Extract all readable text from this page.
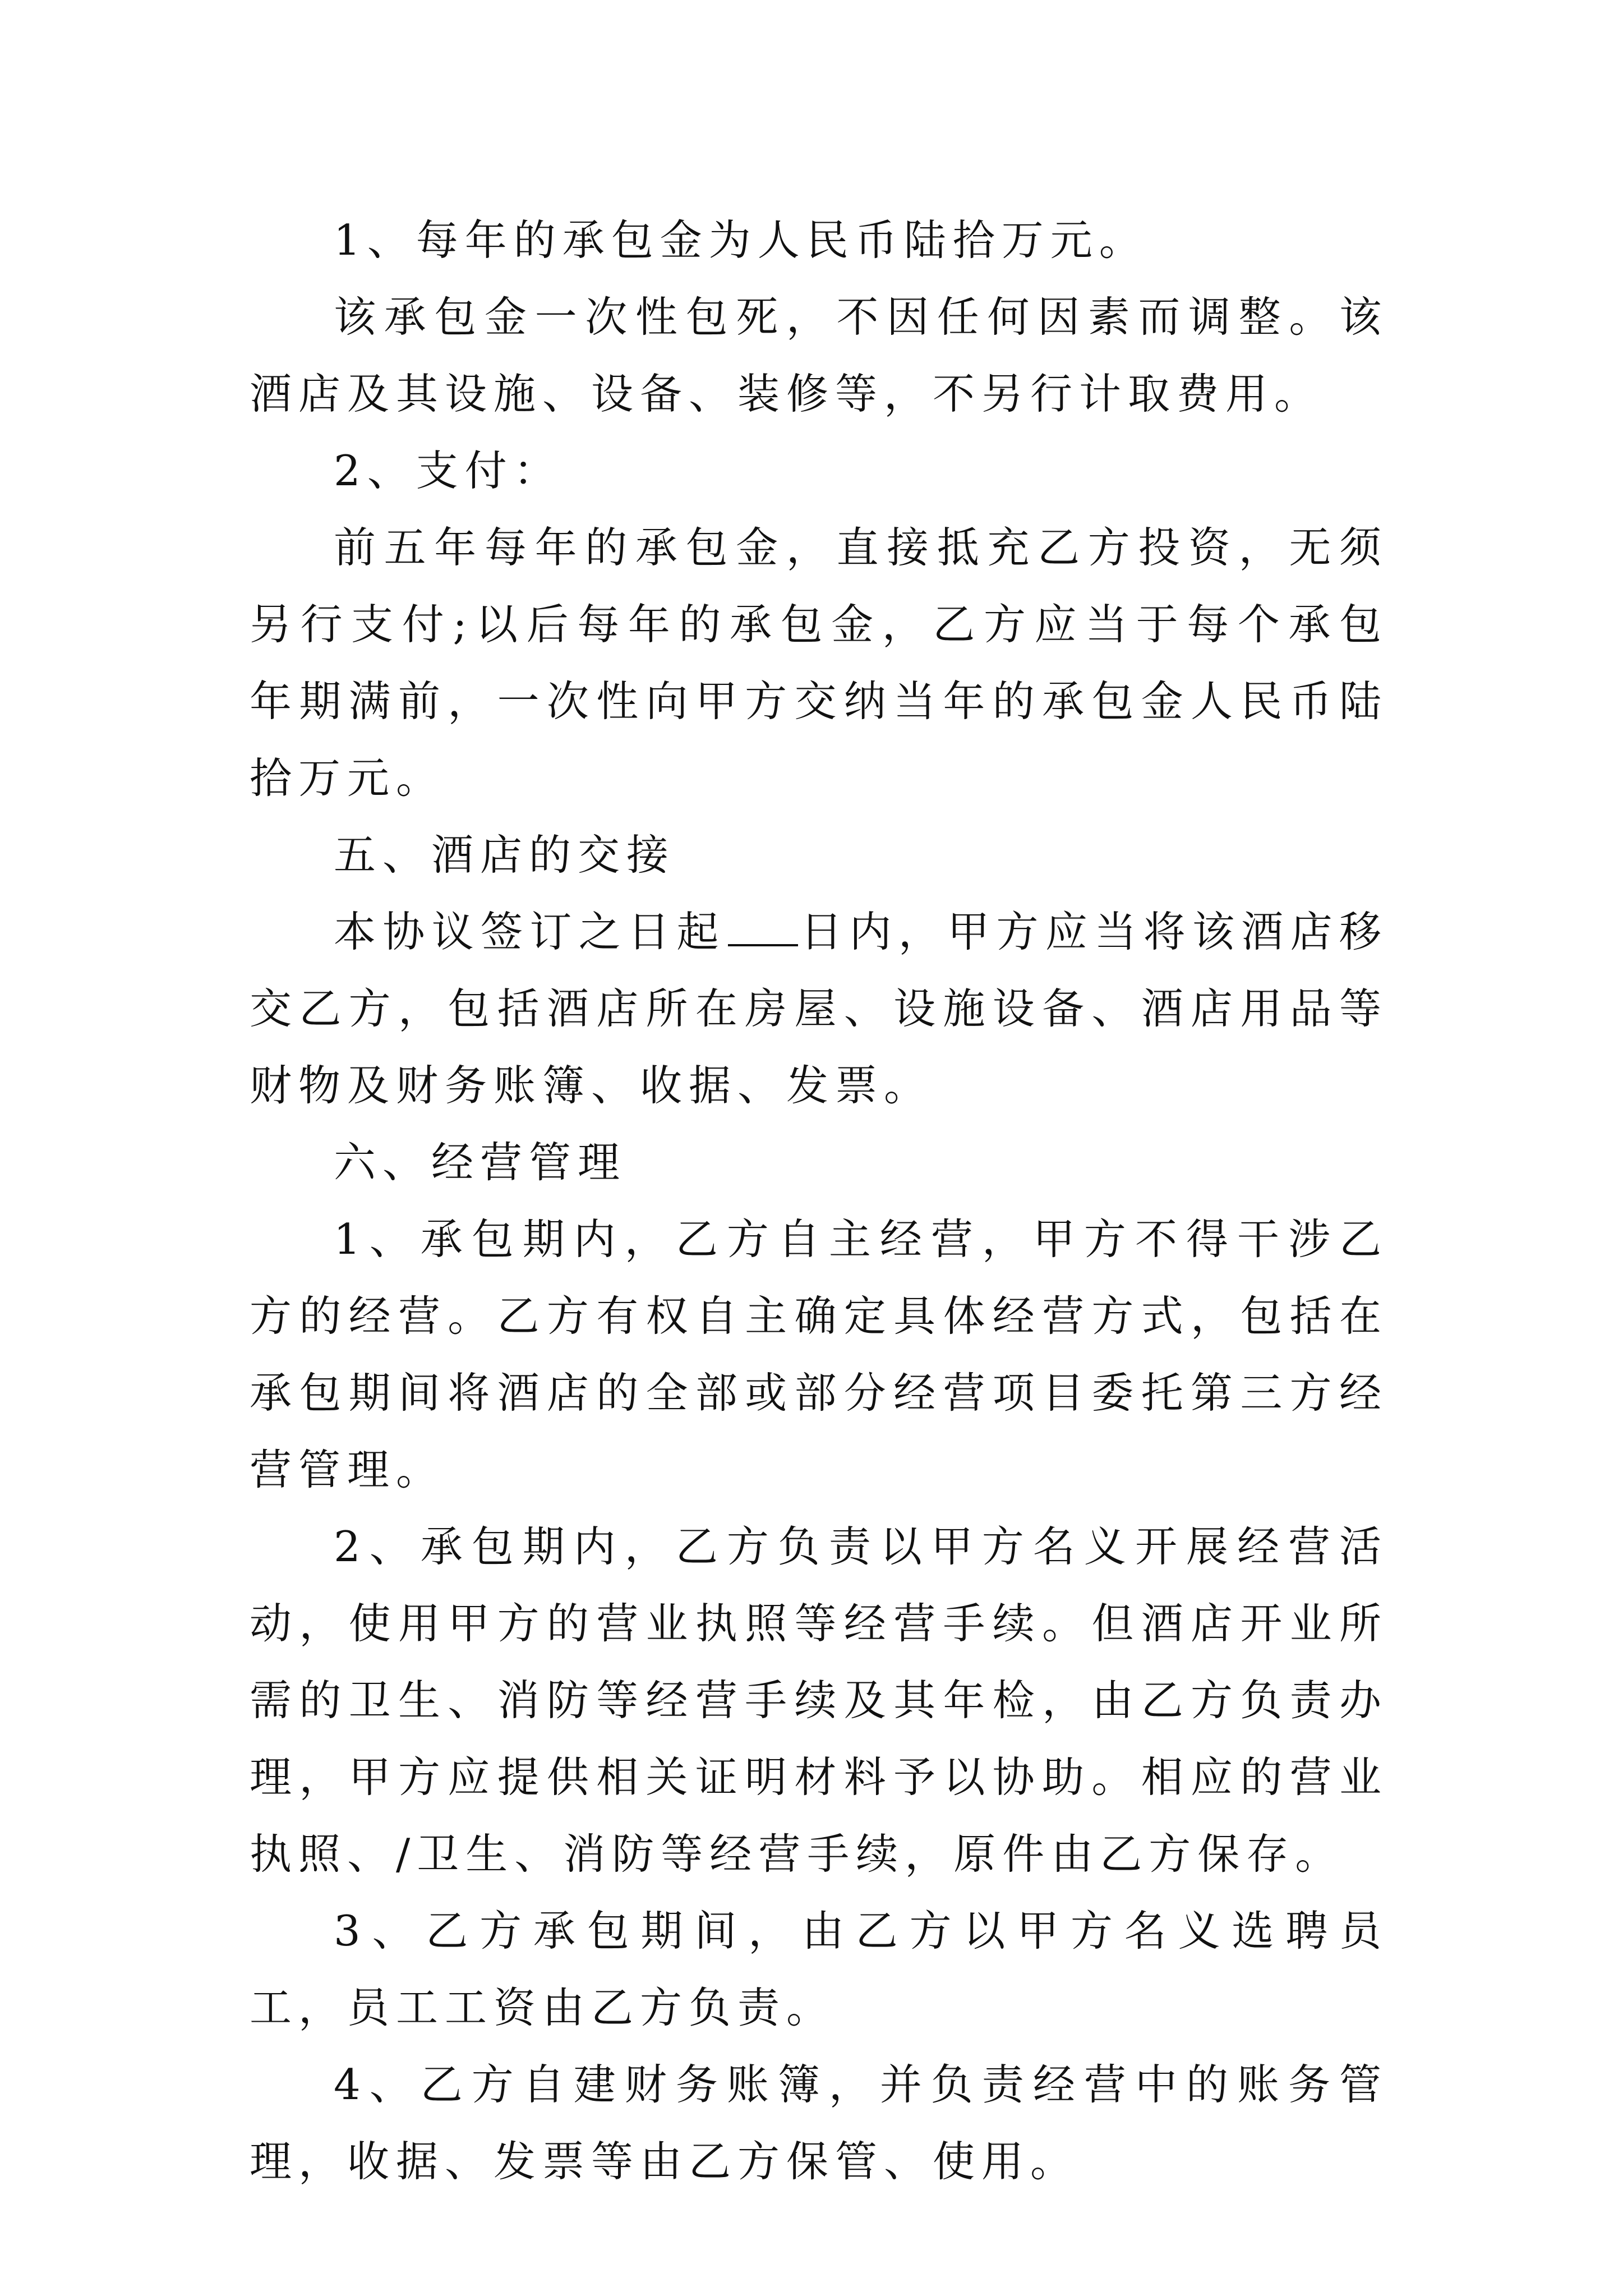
1、每年的承包金为人民币陆拾万元。

该承包金一次性包死，不因任何因素而调整。该酒店及其设施、设备、装修等，不另行计取费用。

2、支付：

前五年每年的承包金，直接抵充乙方投资，无须另行支付;以后每年的承包金，乙方应当于每个承包年期满前，一次性向甲方交纳当年的承包金人民币陆拾万元。

五、酒店的交接

本协议签订之日起 日内，甲方应当将该酒店移交乙方，包括酒店所在房屋、设施设备、酒店用品等财物及财务账簿、收据、发票。

六、经营管理

1、承包期内，乙方自主经营，甲方不得干涉乙方的经营。乙方有权自主确定具体经营方式，包括在承包期间将酒店的全部或部分经营项目委托第三方经营管理。

2、承包期内，乙方负责以甲方名义开展经营活动，使用甲方的营业执照等经营手续。但酒店开业所需的卫生、消防等经营手续及其年检，由乙方负责办理，甲方应提供相关证明材料予以协助。相应的营业执照、/卫生、消防等经营手续，原件由乙方保存。

3、乙方承包期间，由乙方以甲方名义选聘员工，员工工资由乙方负责。

4、乙方自建财务账簿，并负责经营中的账务管理，收据、发票等由乙方保管、使用。
